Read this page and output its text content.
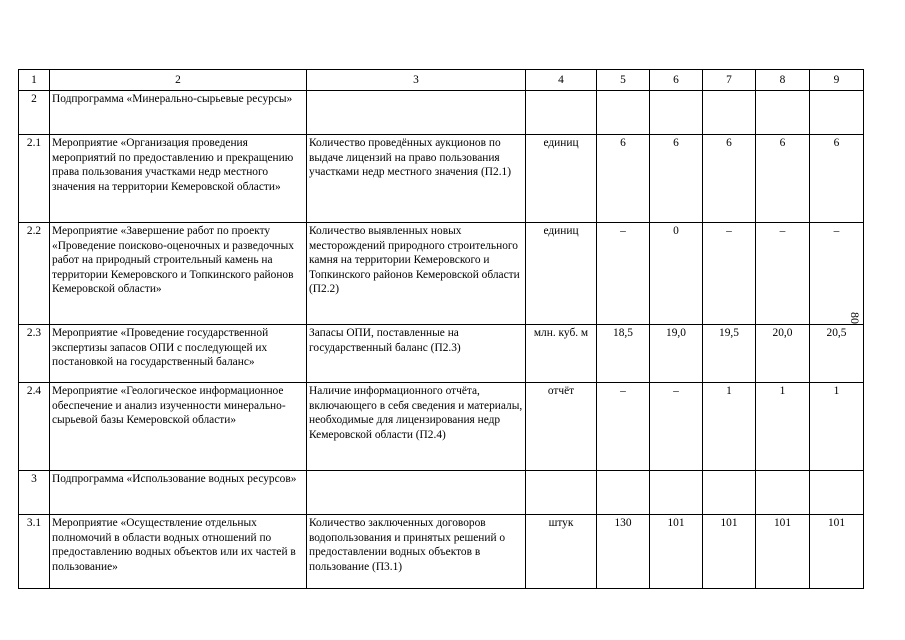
1	2	3	4	5	6	7	8	9
2	Подпрограмма «Минерально-сырьевые ресурсы»							
2.1	Мероприятие «Организация проведения мероприятий по предоставлению и прекращению права пользования участками недр местного значения на территории Кемеровской области»	Количество проведённых аукционов по выдаче лицензий на право пользования участками недр местного значения (П2.1)	единиц	6	6	6	6	6
2.2	Мероприятие «Завершение работ по проекту «Проведение поисково-оценочных и разведочных работ на природный строительный камень на территории Кемеровского и Топкинского районов Кемеровской области»	Количество выявленных новых месторождений природного строительного камня на территории Кемеровского и Топкинского районов Кемеровской области (П2.2)	единиц	–	0	–	–	–
2.3	Мероприятие «Проведение государственной экспертизы запасов ОПИ с последующей их постановкой на государственный баланс»	Запасы ОПИ, поставленные на государственный баланс (П2.3)	млн. куб. м	18,5	19,0	19,5	20,0	20,5
2.4	Мероприятие «Геологическое информационное обеспечение и анализ изученности минерально-сырьевой базы Кемеровской области»	Наличие информационного отчёта, включающего в себя сведения и материалы, необходимые для лицензирования недр Кемеровской области (П2.4)	отчёт	–	–	1	1	1
3	Подпрограмма «Использование водных ресурсов»							
3.1	Мероприятие «Осуществление отдельных полномочий в области водных отношений по предоставлению водных объектов или их частей в пользование»	Количество заключенных договоров водопользования и принятых решений о предоставлении водных объектов в пользование (П3.1)	штук	130	101	101	101	101
80
